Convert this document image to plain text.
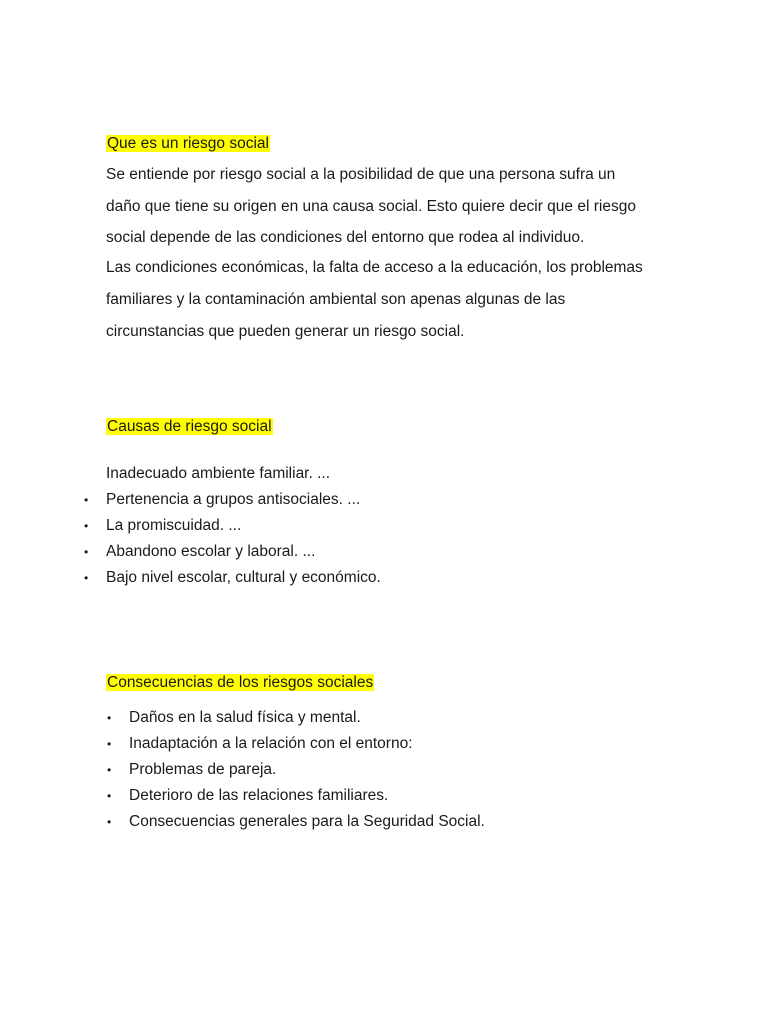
Que es un riesgo social

Se entiende por riesgo social a la posibilidad de que una persona sufra un

daño que tiene su origen en una causa social. Esto quiere decir que el riesgo

social depende de las condiciones del entorno que rodea al individuo.

Las condiciones económicas, la falta de acceso a la educación, los problemas

familiares y la contaminación ambiental son apenas algunas de las

circunstancias que pueden generar un riesgo social.

Causas de riesgo social

Inadecuado ambiente familiar. ...

• Pertenencia a grupos antisociales. ...
• La promiscuidad. ...
• Abandono escolar y laboral. ...
• Bajo nivel escolar, cultural y económico.
Consecuencias de los riesgos sociales
• Daños en la salud física y mental.
• Inadaptación a la relación con el entorno:
• Problemas de pareja.
• Deterioro de las relaciones familiares.
• Consecuencias generales para la Seguridad Social.
